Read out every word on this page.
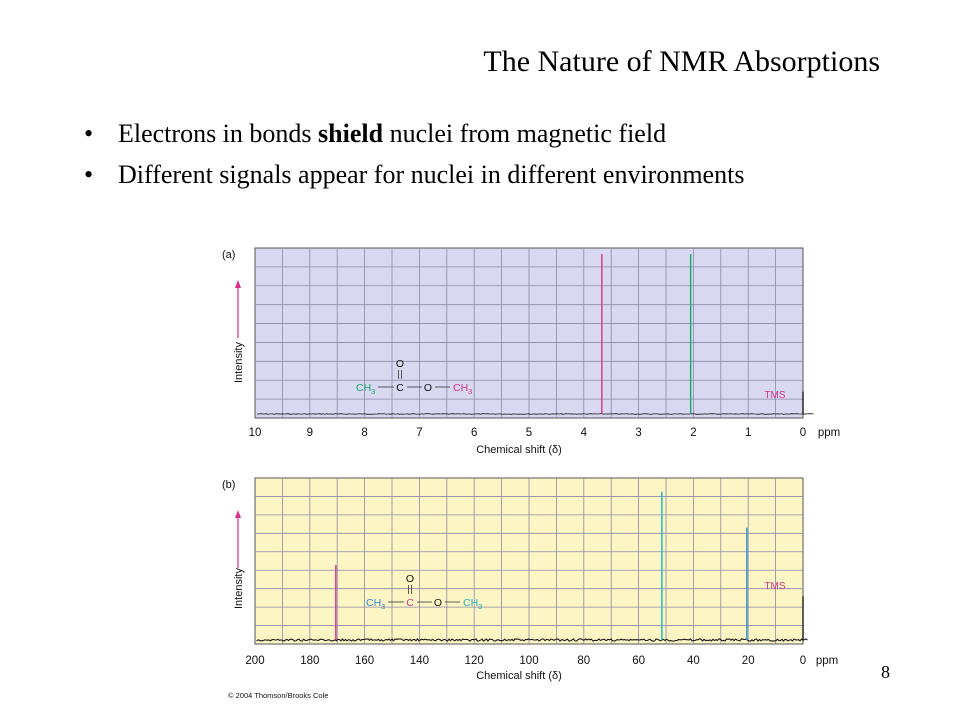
The Nature of NMR Absorptions
• Electrons in bonds shield nuclei from magnetic field
• Different signals appear for nuclei in different environments
(a)
Intensity
10	9	8	7	6	5	4	3	2	1	0 ppm
Chemical shift (δ)
TMS
$CH_3$ C
O
O $CH_3$
(b)
Intensity
200	180	160	140	120	100	80	60	40	20	0 ppm
Chemical shift (δ)
TMS
$CH_3$ C
O
O $CH_3$
© 2004 Thomson/Brooks Cole
8
